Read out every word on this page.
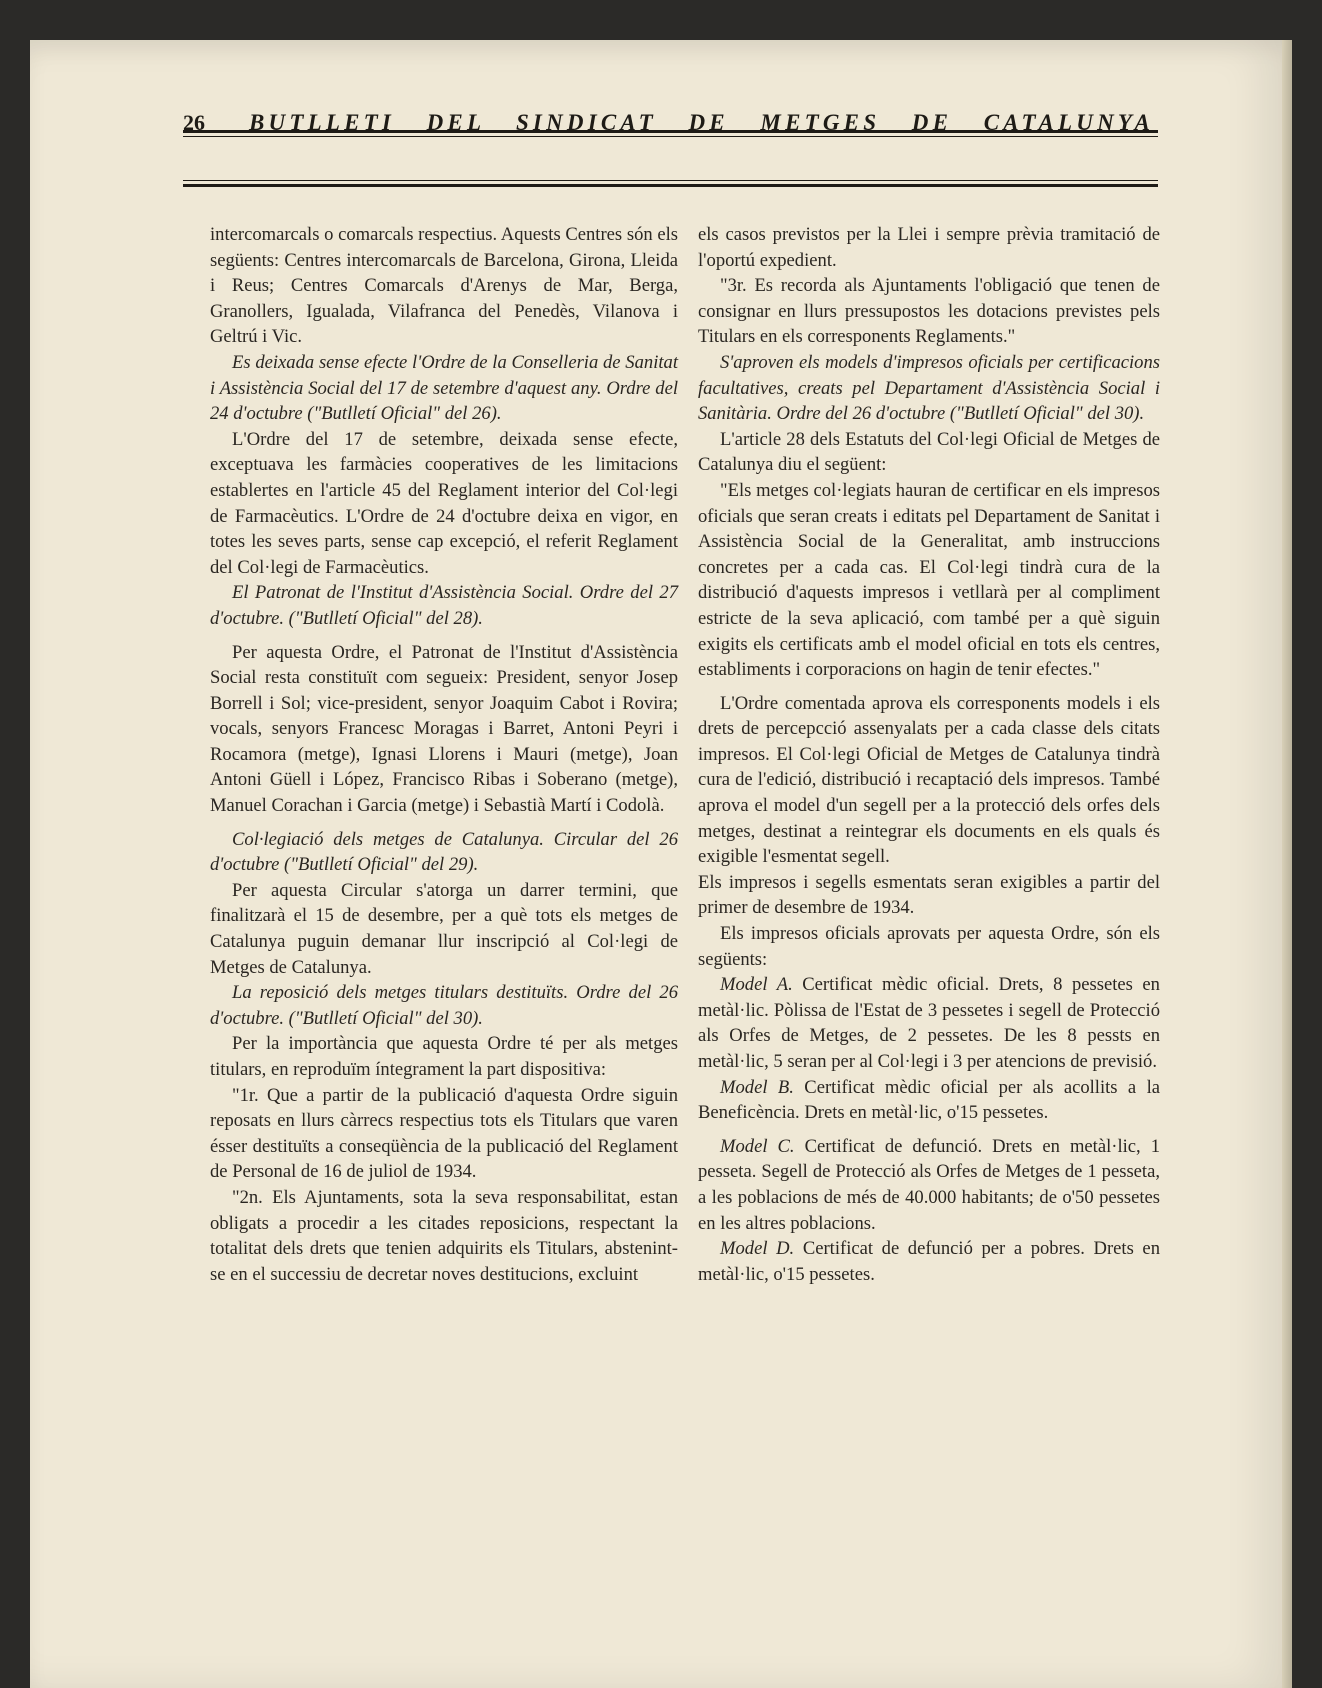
26 BUTLLETI DEL SINDICAT DE METGES DE CATALUNYA

intercomarcals o comarcals respectius. Aquests Centres són els següents: Centres intercomarcals de Barcelona, Girona, Lleida i Reus; Centres Comarcals d'Arenys de Mar, Berga, Granollers, Igualada, Vilafranca del Penedès, Vilanova i Geltrú i Vic.

Es deixada sense efecte l'Ordre de la Conselleria de Sanitat i Assistència Social del 17 de setembre d'aquest any. Ordre del 24 d'octubre ("Butlletí Oficial" del 26).

L'Ordre del 17 de setembre, deixada sense efecte, exceptuava les farmàcies cooperatives de les limitacions establertes en l'article 45 del Reglament interior del Col·legi de Farmacèutics. L'Ordre de 24 d'octubre deixa en vigor, en totes les seves parts, sense cap excepció, el referit Reglament del Col·legi de Farmacèutics.

El Patronat de l'Institut d'Assistència Social. Ordre del 27 d'octubre. ("Butlletí Oficial" del 28).

Per aquesta Ordre, el Patronat de l'Institut d'Assistència Social resta constituït com segueix: President, senyor Josep Borrell i Sol; vice-president, senyor Joaquim Cabot i Rovira; vocals, senyors Francesc Moragas i Barret, Antoni Peyri i Rocamora (metge), Ignasi Llorens i Mauri (metge), Joan Antoni Güell i López, Francisco Ribas i Soberano (metge), Manuel Corachan i Garcia (metge) i Sebastià Martí i Codolà.

Col·legiació dels metges de Catalunya. Circular del 26 d'octubre ("Butlletí Oficial" del 29).

Per aquesta Circular s'atorga un darrer termini, que finalitzarà el 15 de desembre, per a què tots els metges de Catalunya puguin demanar llur inscripció al Col·legi de Metges de Catalunya.

La reposició dels metges titulars destituïts. Ordre del 26 d'octubre. ("Butlletí Oficial" del 30).

Per la importància que aquesta Ordre té per als metges titulars, en reproduïm íntegrament la part dispositiva:

"1r. Que a partir de la publicació d'aquesta Ordre siguin reposats en llurs càrrecs respectius tots els Titulars que varen ésser destituïts a conseqüència de la publicació del Reglament de Personal de 16 de juliol de 1934.

"2n. Els Ajuntaments, sota la seva responsabilitat, estan obligats a procedir a les citades reposicions, respectant la totalitat dels drets que tenien adquirits els Titulars, abstenint-se en el successiu de decretar noves destitucions, excluint

els casos previstos per la Llei i sempre prèvia tramitació de l'oportú expedient.

"3r. Es recorda als Ajuntaments l'obligació que tenen de consignar en llurs pressupostos les dotacions previstes pels Titulars en els corresponents Reglaments."

S'aproven els models d'impresos oficials per certificacions facultatives, creats pel Departament d'Assistència Social i Sanitària. Ordre del 26 d'octubre ("Butlletí Oficial" del 30).

L'article 28 dels Estatuts del Col·legi Oficial de Metges de Catalunya diu el següent:

"Els metges col·legiats hauran de certificar en els impresos oficials que seran creats i editats pel Departament de Sanitat i Assistència Social de la Generalitat, amb instruccions concretes per a cada cas. El Col·legi tindrà cura de la distribució d'aquests impresos i vetllarà per al compliment estricte de la seva aplicació, com també per a què siguin exigits els certificats amb el model oficial en tots els centres, establiments i corporacions on hagin de tenir efectes."

L'Ordre comentada aprova els corresponents models i els drets de percepcció assenyalats per a cada classe dels citats impresos. El Col·legi Oficial de Metges de Catalunya tindrà cura de l'edició, distribució i recaptació dels impresos. També aprova el model d'un segell per a la protecció dels orfes dels metges, destinat a reintegrar els documents en els quals és exigible l'esmentat segell.

Els impresos i segells esmentats seran exigibles a partir del primer de desembre de 1934.

Els impresos oficials aprovats per aquesta Ordre, són els següents:

Model A. Certificat mèdic oficial. Drets, 8 pessetes en metàl·lic. Pòlissa de l'Estat de 3 pessetes i segell de Protecció als Orfes de Metges, de 2 pessetes. De les 8 pessts en metàl·lic, 5 seran per al Col·legi i 3 per atencions de previsió.

Model B. Certificat mèdic oficial per als acollits a la Beneficència. Drets en metàl·lic, o'15 pessetes.

Model C. Certificat de defunció. Drets en metàl·lic, 1 pesseta. Segell de Protecció als Orfes de Metges de 1 pesseta, a les poblacions de més de 40.000 habitants; de o'50 pessetes en les altres poblacions.

Model D. Certificat de defunció per a pobres. Drets en metàl·lic, o'15 pessetes.
